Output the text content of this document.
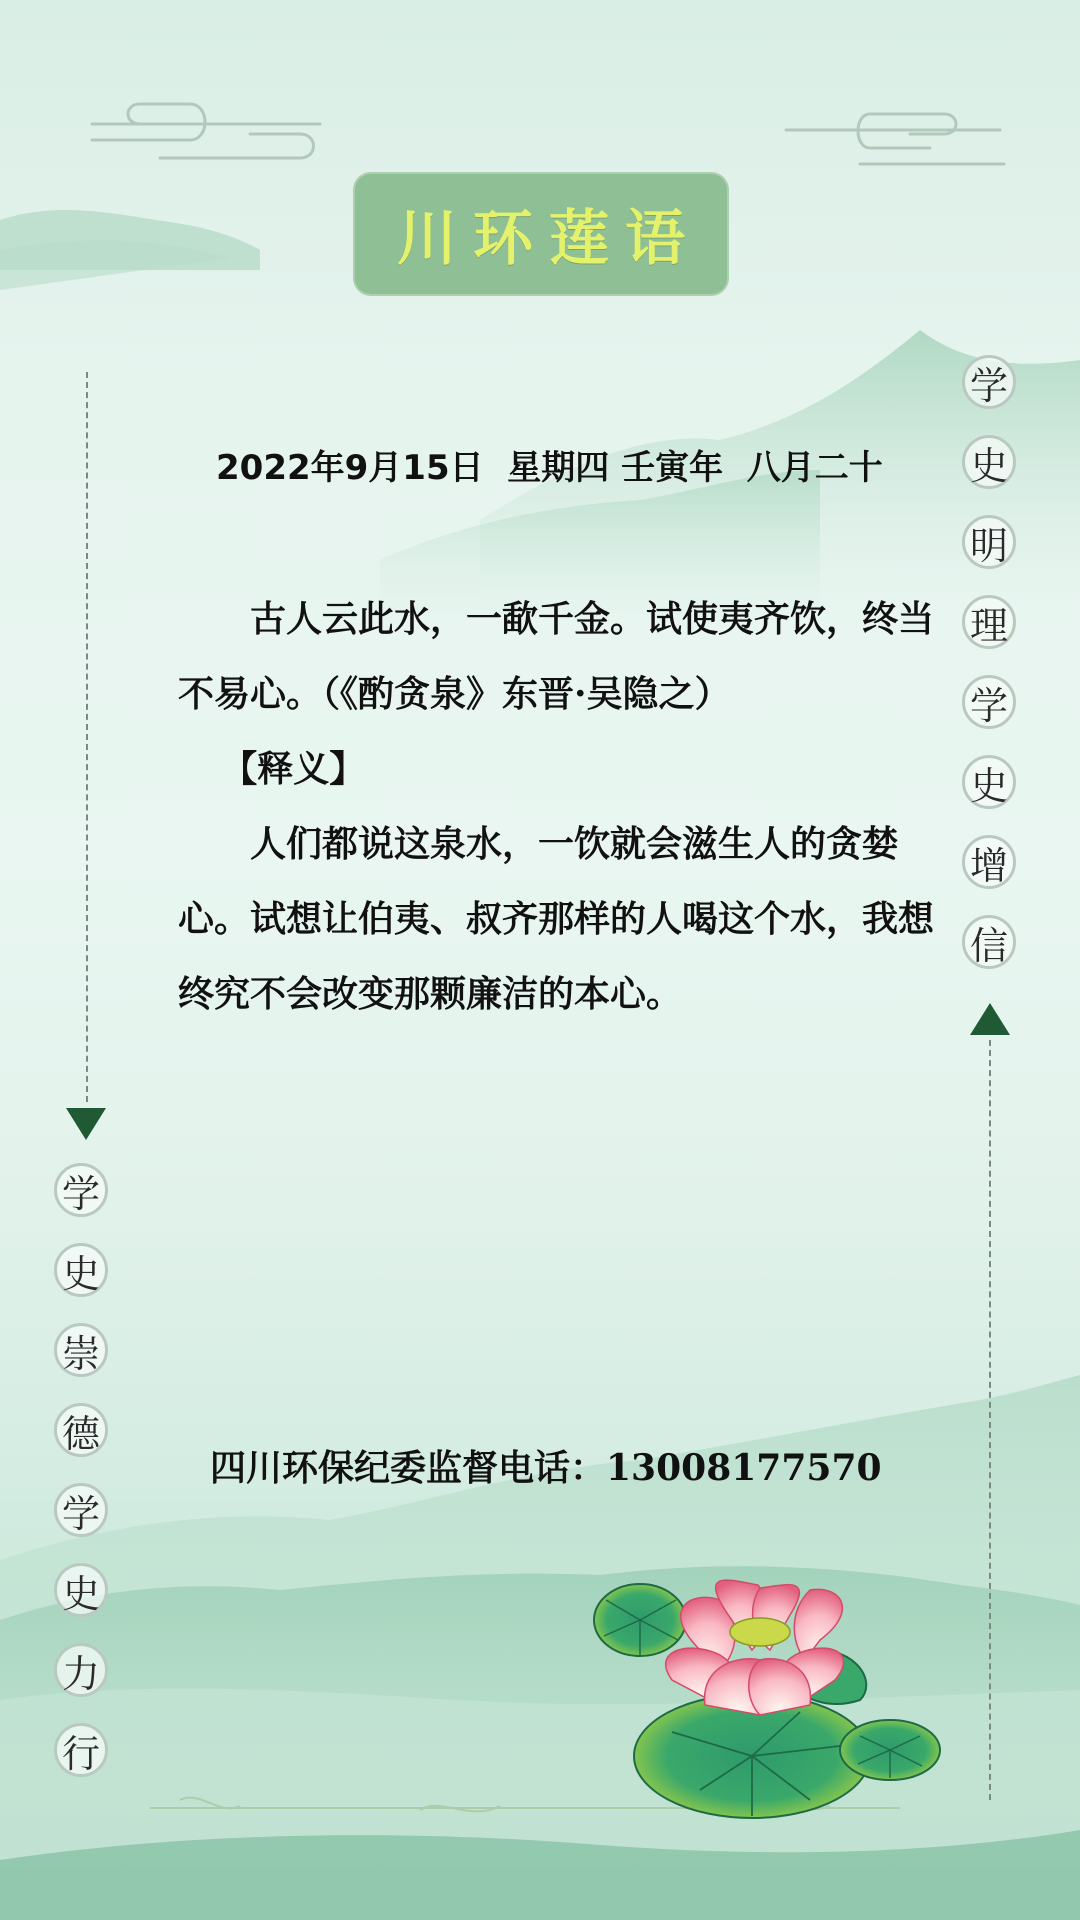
川环莲语
2022年9月15日  星期四 壬寅年  八月二十

古人云此水，一歃千金。试使夷齐饮，终当不易心。（《酌贪泉》东晋·吴隐之）

【释义】

人们都说这泉水，一饮就会滋生人的贪婪心。试想让伯夷、叔齐那样的人喝这个水，我想终究不会改变那颗廉洁的本心。

四川环保纪委监督电话：13008177570
学
史
明
理
学
史
增
信
学
史
崇
德
学
史
力
行
